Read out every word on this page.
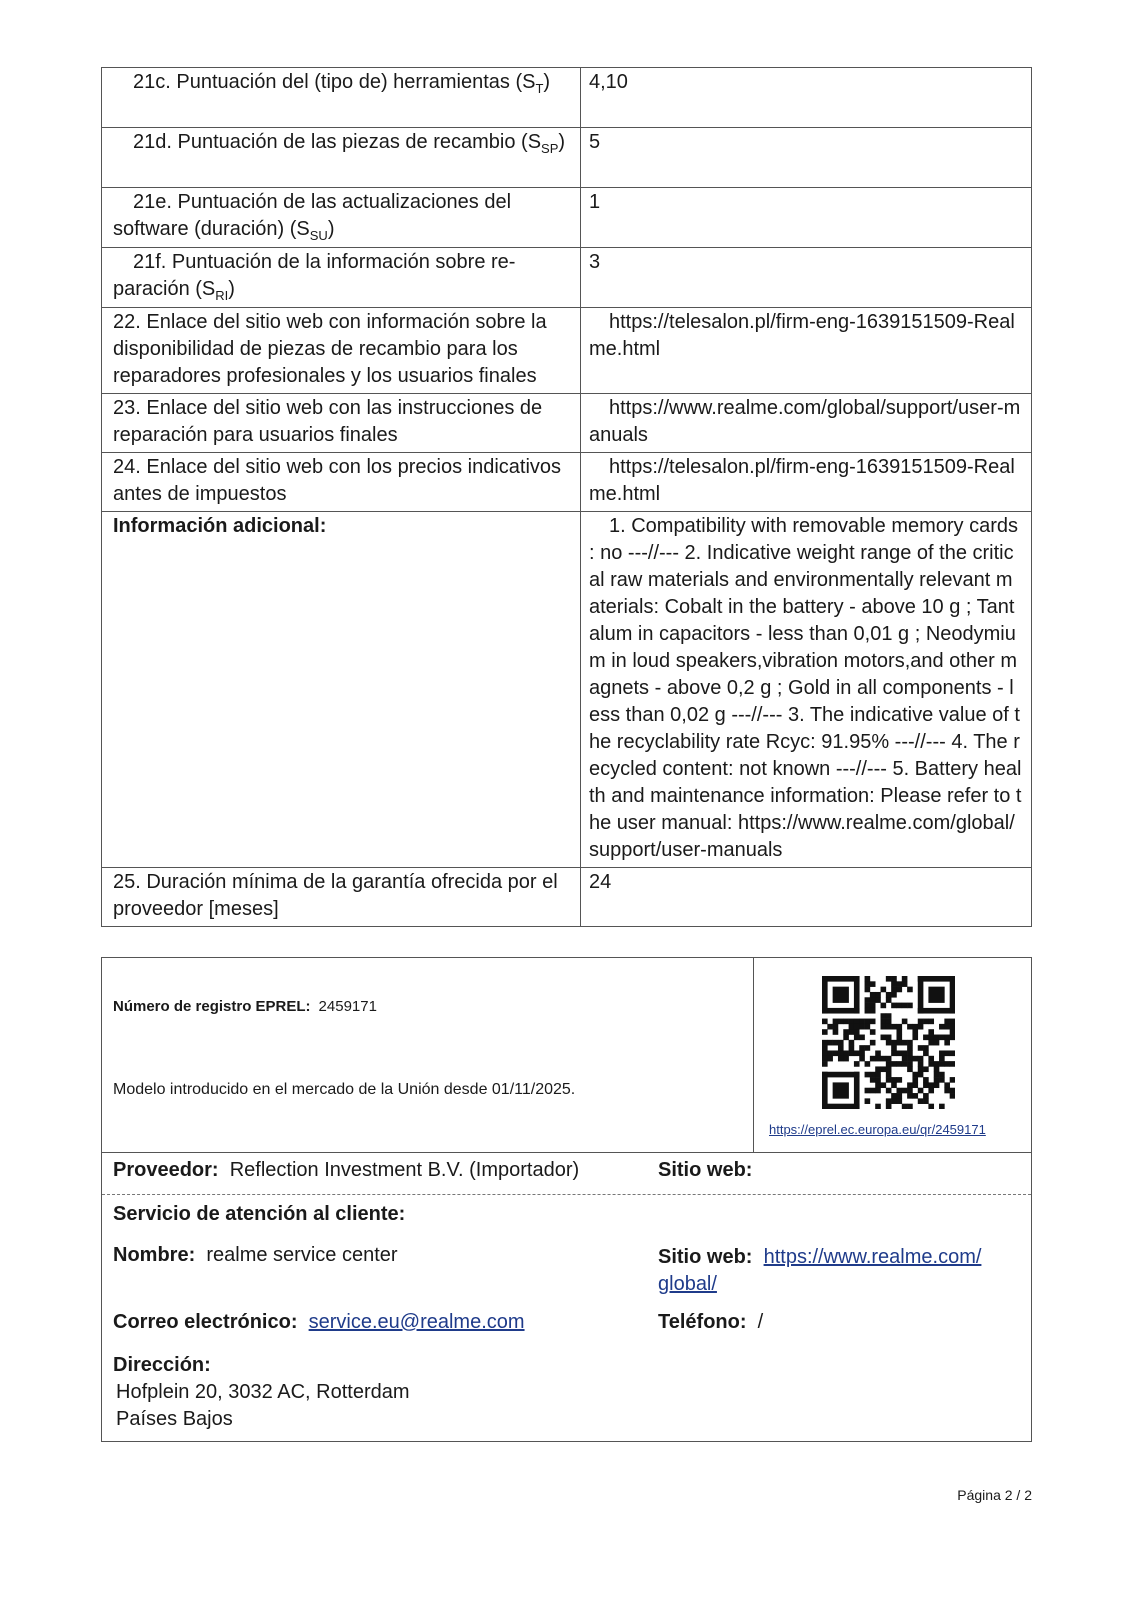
21c. Puntuación del (tipo de) herramientas $(S_T)$	4,10
21d. Puntuación de las piezas de recambio $(S_{SP})$	5
21e. Puntuación de las actualizaciones del software (duración) $(S_{SU})$	1
21f. Puntuación de la información sobre re-paración $(S_{RI})$	3
22. Enlace del sitio web con información sobre la disponibilidad de piezas de recambio para los reparadores profesionales y los usuarios finales	https://telesalon.pl/firm-eng-1639151509-Realme.html
23. Enlace del sitio web con las instrucciones de reparación para usuarios finales	https://www.realme.com/global/support/user-manuals
24. Enlace del sitio web con los precios indicativos antes de impuestos	https://telesalon.pl/firm-eng-1639151509-Realme.html
Información adicional:	1. Compatibility with removable memory cards : no ---//--- 2. Indicative weight range of the critical raw materials and environmentally relevant materials: Cobalt in the battery - above 10 g ; Tantalum in capacitors - less than 0,01 g ; Neodymium in loud speakers,vibration motors,and other magnets - above 0,2 g ; Gold in all components - less than 0,02 g ---//--- 3. The indicative value of the recyclability rate Rcyc: 91.95% ---//--- 4. The recycled content: not known ---//--- 5. Battery health and maintenance information: Please refer to the user manual: https://www.realme.com/global/support/user-manuals
25. Duración mínima de la garantía ofrecida por el proveedor [meses]	24
Número de registro EPREL: 2459171
Modelo introducido en el mercado de la Unión desde 01/11/2025.
https://eprel.ec.europa.eu/qr/2459171
Proveedor: Reflection Investment B.V. (Importador)	Sitio web:
Servicio de atención al cliente:
Nombre: realme service center	Sitio web: https://www.realme.com/
global/
Correo electrónico: service.eu@realme.com	Teléfono: /
Dirección:
Hofplein 20, 3032 AC, Rotterdam
Países Bajos
Página 2 / 2
